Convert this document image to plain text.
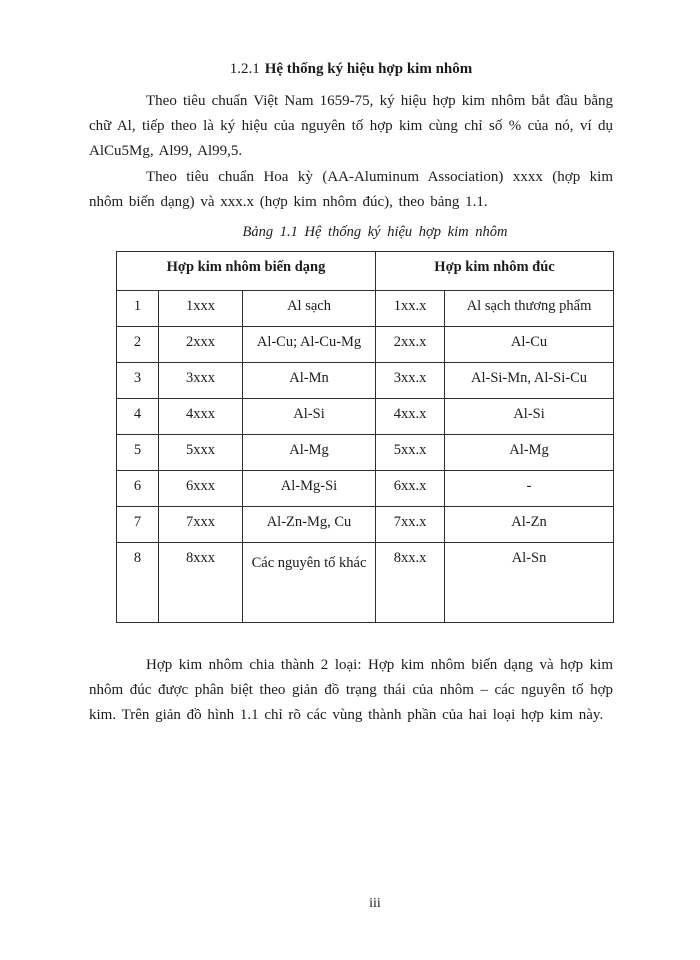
1.2.1 Hệ thống ký hiệu hợp kim nhôm

Theo tiêu chuẩn Việt Nam 1659-75, ký hiệu hợp kim nhôm bắt đầu bằng chữ Al, tiếp theo là ký hiệu của nguyên tố hợp kim cùng chỉ số % của nó, ví dụ AlCu5Mg, Al99, Al99,5.

Theo tiêu chuẩn Hoa kỳ (AA-Aluminum Association) xxxx (hợp kim nhôm biến dạng) và xxx.x (hợp kim nhôm đúc), theo bảng 1.1.

Bảng 1.1 Hệ thống ký hiệu hợp kim nhôm
Hợp kim nhôm biến dạng			Hợp kim nhôm đúc	
1	1xxx	Al sạch	1xx.x	Al sạch thương phẩm
2	2xxx	Al-Cu; Al-Cu-Mg	2xx.x	Al-Cu
3	3xxx	Al-Mn	3xx.x	Al-Si-Mn, Al-Si-Cu
4	4xxx	Al-Si	4xx.x	Al-Si
5	5xxx	Al-Mg	5xx.x	Al-Mg
6	6xxx	Al-Mg-Si	6xx.x	-
7	7xxx	Al-Zn-Mg, Cu	7xx.x	Al-Zn
8	8xxx	Các nguyên tố khác	8xx.x	Al-Sn

Hợp kim nhôm chia thành 2 loại: Hợp kim nhôm biến dạng và hợp kim nhôm đúc được phân biệt theo giản đồ trạng thái của nhôm – các nguyên tố hợp kim. Trên giản đồ hình 1.1 chỉ rõ các vùng thành phần của hai loại hợp kim này.

iii
